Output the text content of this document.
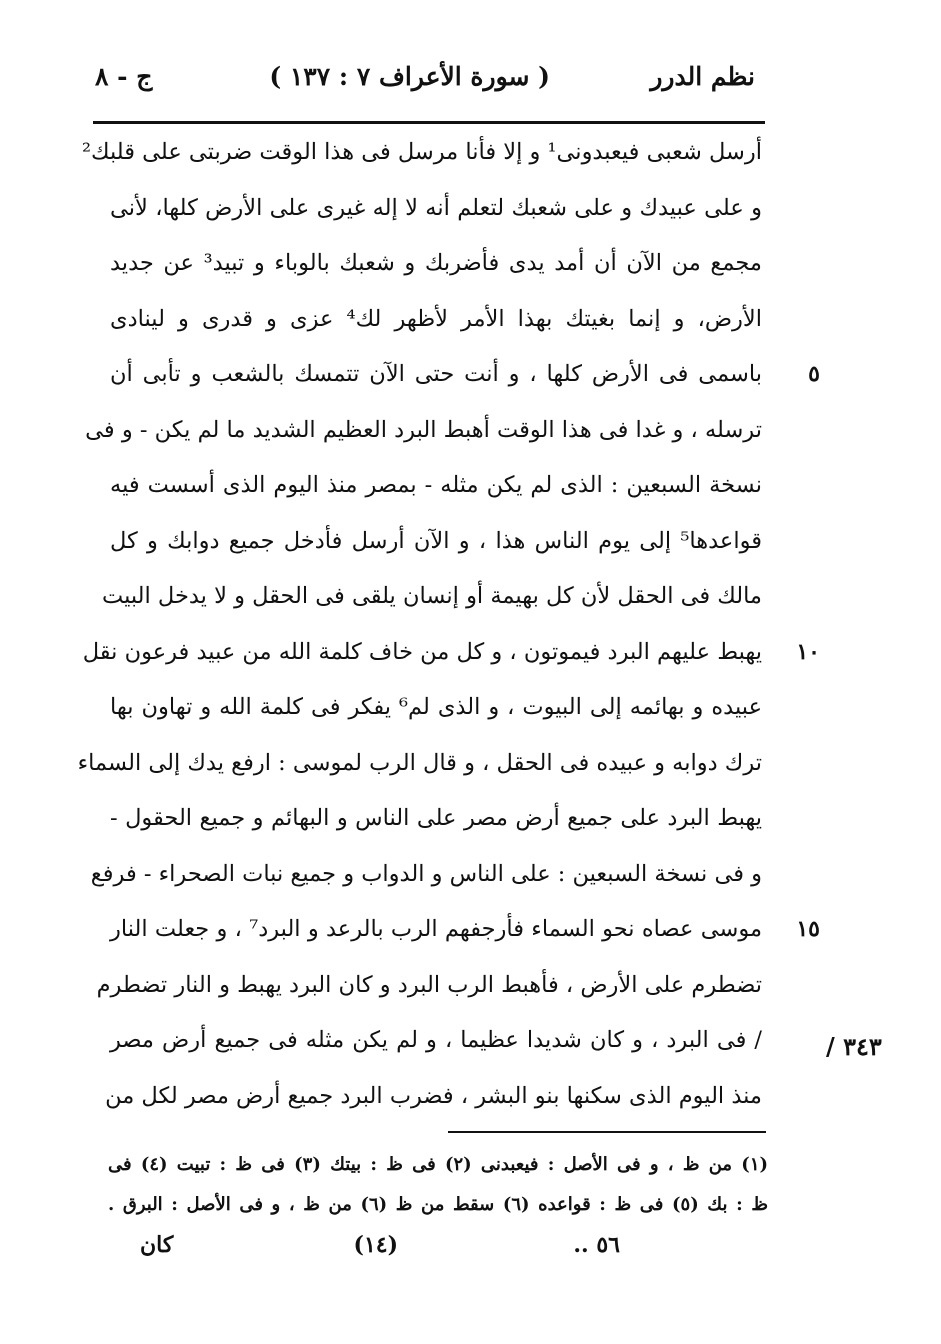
نظم الدرر
( سورة الأعراف ٧ : ١٣٧ )
ج - ٨
أرسل شعبى فيعبدونى¹ و إلا فأنا مرسل فى هذا الوقت ضربتى على قلبك²
و على عبيدك و على شعبك لتعلم أنه لا إله غيرى على الأرض كلها، لأنى
مجمع من الآن أن أمد يدى فأضربك و شعبك بالوباء و تبيد³ عن جديد
الأرض، و إنما بغيتك بهذا الأمر لأظهر لك⁴ عزى و قدرى و لينادى
٥
باسمى فى الأرض كلها ، و أنت حتى الآن تتمسك بالشعب و تأبى أن
ترسله ، و غدا فى هذا الوقت أهبط البرد العظيم الشديد ما لم يكن - و فى
نسخة السبعين : الذى لم يكن مثله - بمصر منذ اليوم الذى أسست فيه
قواعدها⁵ إلى يوم الناس هذا ، و الآن أرسل فأدخل جميع دوابك و كل
مالك فى الحقل لأن كل بهيمة أو إنسان يلقى فى الحقل و لا يدخل البيت
١٠
يهبط عليهم البرد فيموتون ، و كل من خاف كلمة الله من عبيد فرعون نقل
عبيده و بهائمه إلى البيوت ، و الذى لم⁶ يفكر فى كلمة الله و تهاون بها
ترك دوابه و عبيده فى الحقل ، و قال الرب لموسى : ارفع يدك إلى السماء
يهبط البرد على جميع أرض مصر على الناس و البهائم و جميع الحقول -
و فى نسخة السبعين : على الناس و الدواب و جميع نبات الصحراء - فرفع
١٥
موسى عصاه نحو السماء فأرجفهم الرب بالرعد و البرد⁷ ، و جعلت النار
تضطرم على الأرض ، فأهبط الرب البرد و كان البرد يهبط و النار تضطرم
/ فى البرد ، و كان شديدا عظيما ، و لم يكن مثله فى جميع أرض مصر
منذ اليوم الذى سكنها بنو البشر ، فضرب البرد جميع أرض مصر لكل من
٣٤٣ /
(١) من ظ ، و فى الأصل : فيعبدنى (٢) فى ظ : بيتك (٣) فى ظ : تبيت (٤) فى
ظ : بك (٥) فى ظ : قواعده (٦) سقط من ظ (٦) من ظ ، و فى الأصل : البرق .
٥٦ ..
(١٤)
كان
